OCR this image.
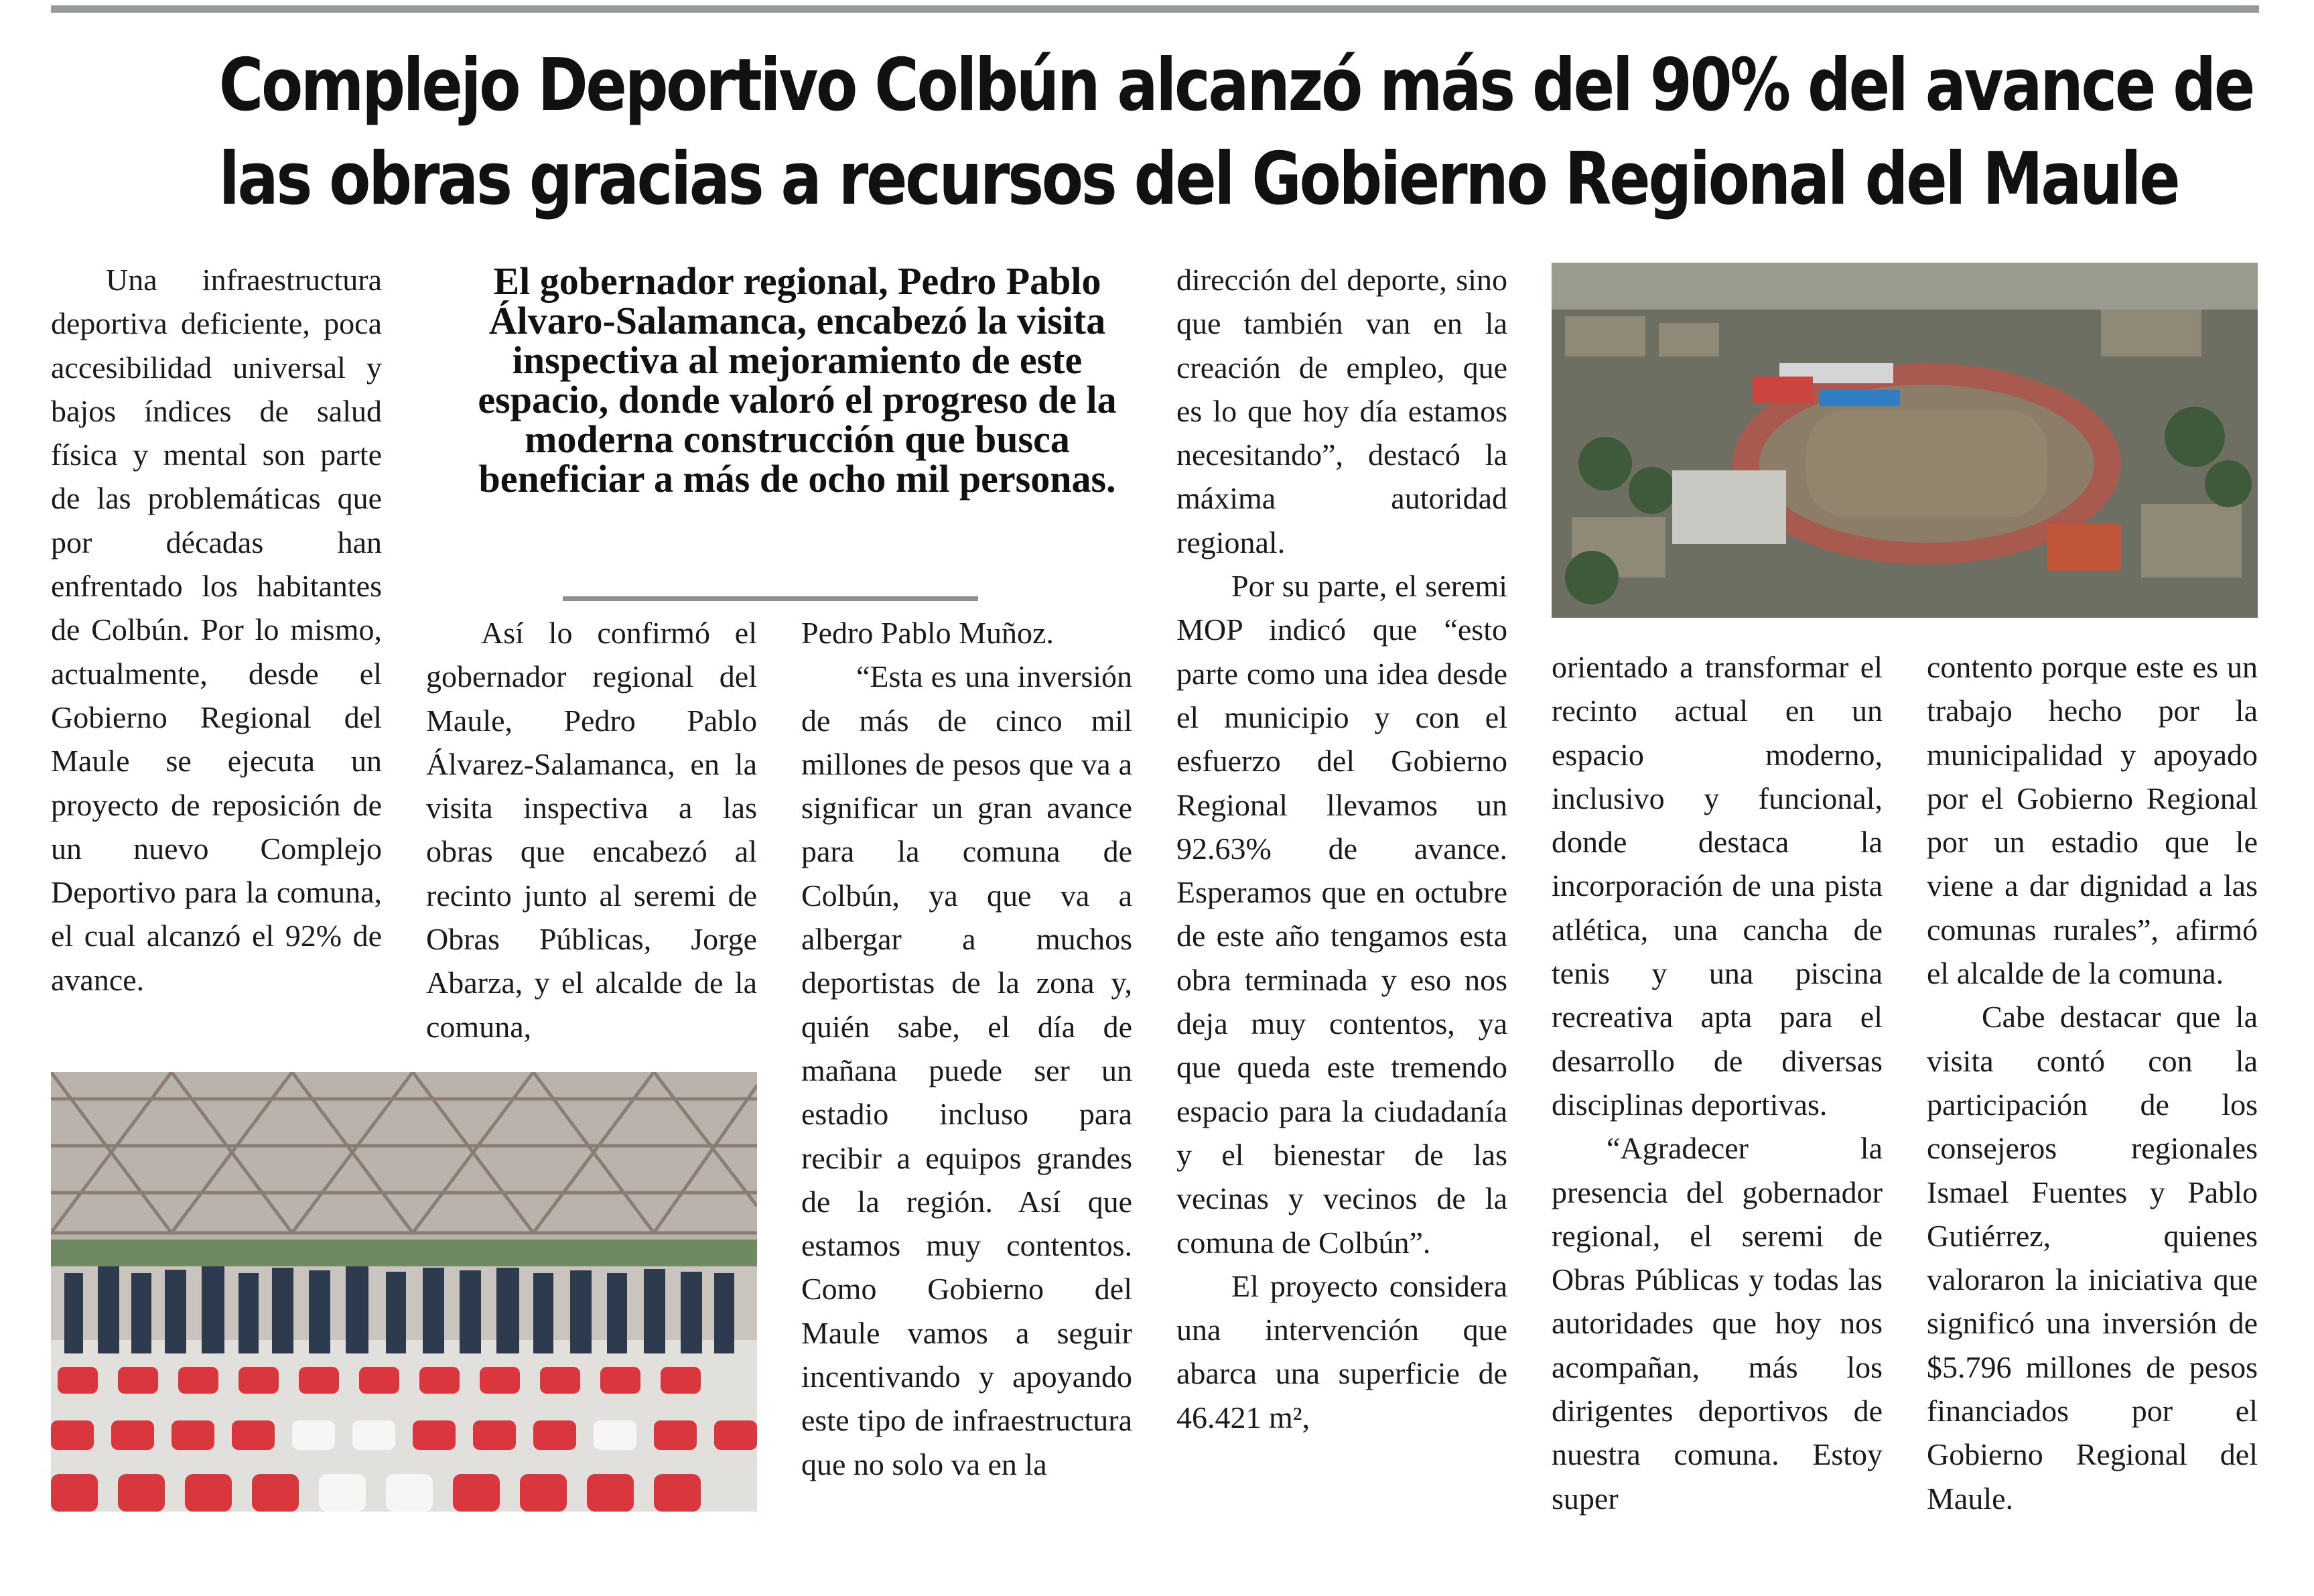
Complejo Deportivo Colbún alcanzó más del 90% del avance de
las obras gracias a recursos del Gobierno Regional del Maule

Una infraestructura deportiva deficiente, poca accesibilidad universal y bajos índices de salud física y mental son parte de las problemáticas que por décadas han enfrentado los habitantes de Colbún. Por lo mismo, actualmente, desde el Gobierno Regional del Maule se ejecuta un proyecto de reposición de un nuevo Complejo Deportivo para la comuna, el cual alcanzó el 92% de avance.

El gobernador regional, Pedro Pablo Álvaro-Salamanca, encabezó la visita inspectiva al mejoramiento de este espacio, donde valoró el progreso de la moderna construcción que busca beneficiar a más de ocho mil personas.

Así lo confirmó el gobernador regional del Maule, Pedro Pablo Álvarez-Salamanca, en la visita inspectiva a las obras que encabezó al recinto junto al seremi de Obras Públicas, Jorge Abarza, y el alcalde de la comuna,

Pedro Pablo Muñoz.

“Esta es una inversión de más de cinco mil millones de pesos que va a significar un gran avance para la comuna de Colbún, ya que va a albergar a muchos deportistas de la zona y, quién sabe, el día de mañana puede ser un estadio incluso para recibir a equipos grandes de la región. Así que estamos muy contentos. Como Gobierno del Maule vamos a seguir incentivando y apoyando este tipo de infraestructura que no solo va en la

dirección del deporte, sino que también van en la creación de empleo, que es lo que hoy día estamos necesitando”, destacó la máxima autoridad regional.

Por su parte, el seremi MOP indicó que “esto parte como una idea desde el municipio y con el esfuerzo del Gobierno Regional llevamos un 92.63% de avance. Esperamos que en octubre de este año tengamos esta obra terminada y eso nos deja muy contentos, ya que queda este tremendo espacio para la ciudadanía y el bienestar de las vecinas y vecinos de la comuna de Colbún”.

El proyecto considera una intervención que abarca una superficie de 46.421 m²,

orientado a transformar el recinto actual en un espacio moderno, inclusivo y funcional, donde destaca la incorporación de una pista atlética, una cancha de tenis y una piscina recreativa apta para el desarrollo de diversas disciplinas deportivas.

“Agradecer la presencia del gobernador regional, el seremi de Obras Públicas y todas las autoridades que hoy nos acompañan, más los dirigentes deportivos de nuestra comuna. Estoy super

contento porque este es un trabajo hecho por la municipalidad y apoyado por el Gobierno Regional por un estadio que le viene a dar dignidad a las comunas rurales”, afirmó el alcalde de la comuna.

Cabe destacar que la visita contó con la participación de los consejeros regionales Ismael Fuentes y Pablo Gutiérrez, quienes valoraron la iniciativa que significó una inversión de $5.796 millones de pesos financiados por el Gobierno Regional del Maule.
